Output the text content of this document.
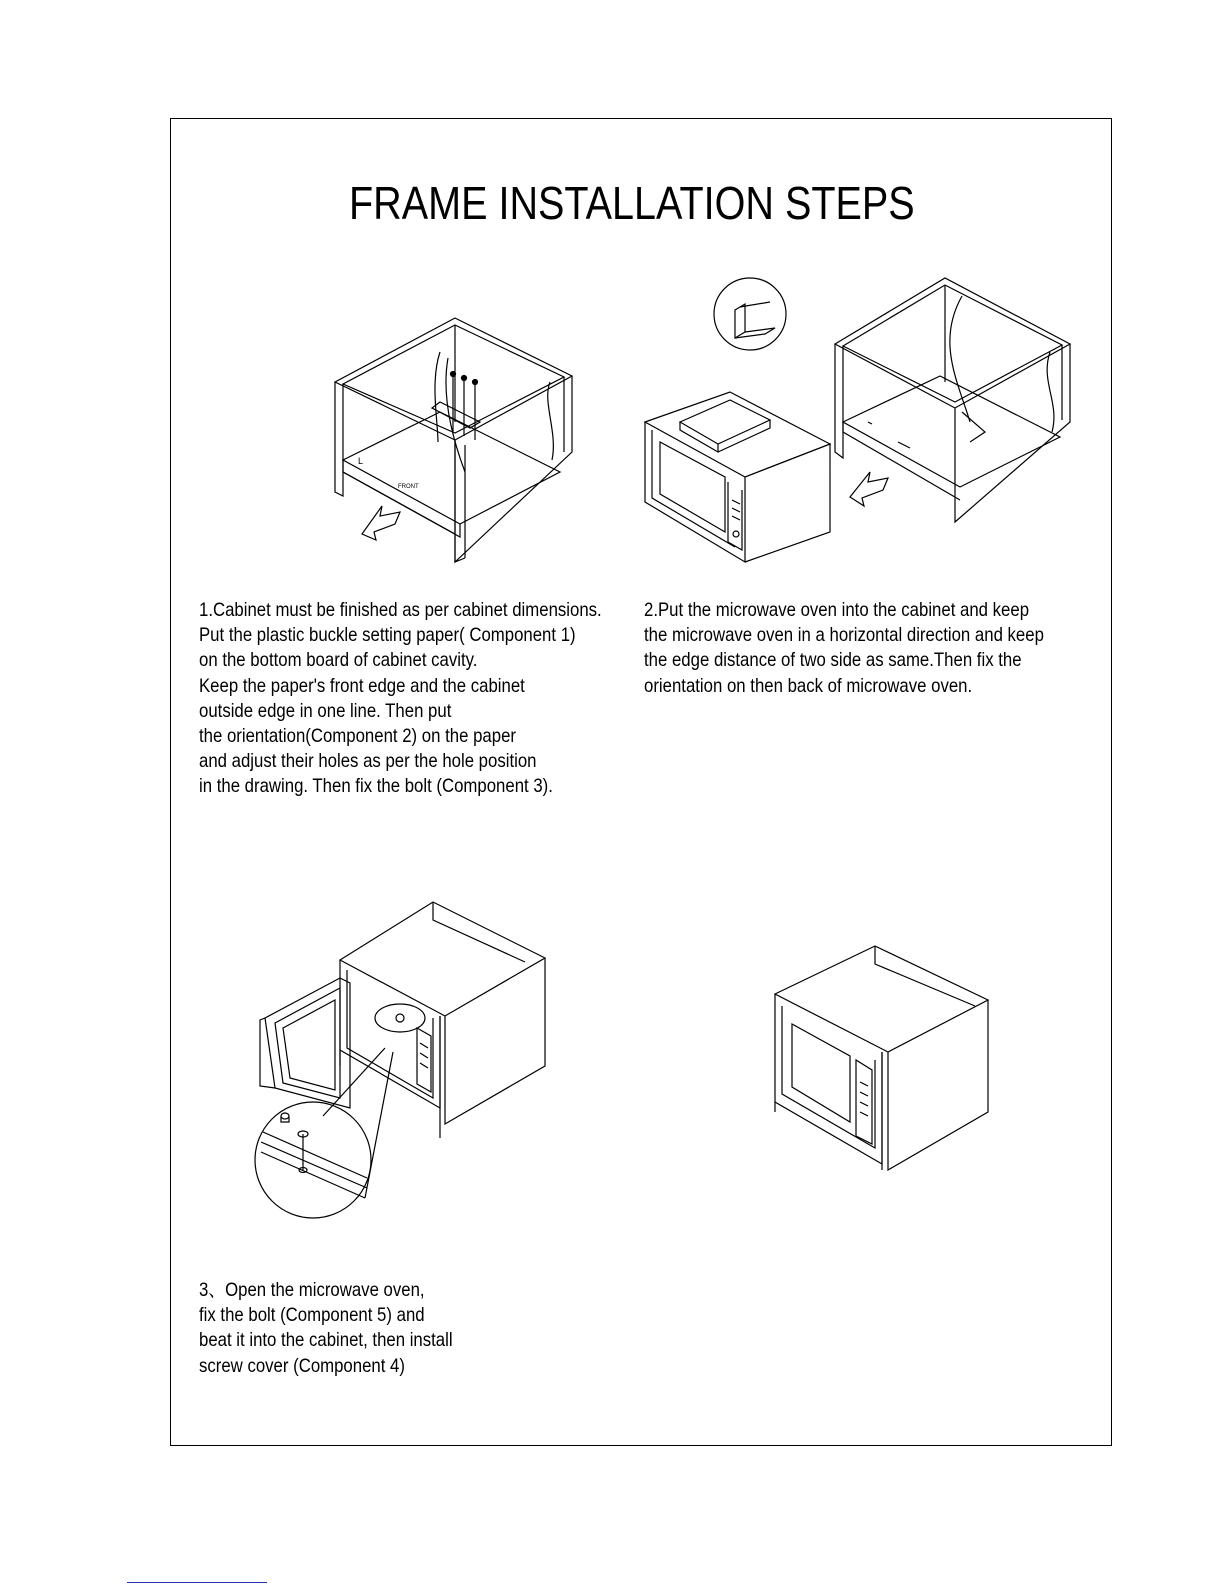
FRAME INSTALLATION STEPS
L
FRONT

1.Cabinet must be finished as per cabinet dimensions.
Put the plastic buckle setting paper( Component 1)
on the bottom board of cabinet cavity.
Keep the paper's front edge and the cabinet
outside edge in one line. Then put
the orientation(Component 2) on the paper
and adjust their holes as per the hole position
in the drawing. Then fix the bolt (Component 3).

2.Put the microwave oven into the cabinet and keep
the microwave oven in a horizontal direction and keep
the edge distance of two side as same.Then fix the
orientation on then back of microwave oven.

3、Open the microwave oven,
fix the bolt (Component 5) and
beat it into the cabinet, then install
screw cover (Component 4)
